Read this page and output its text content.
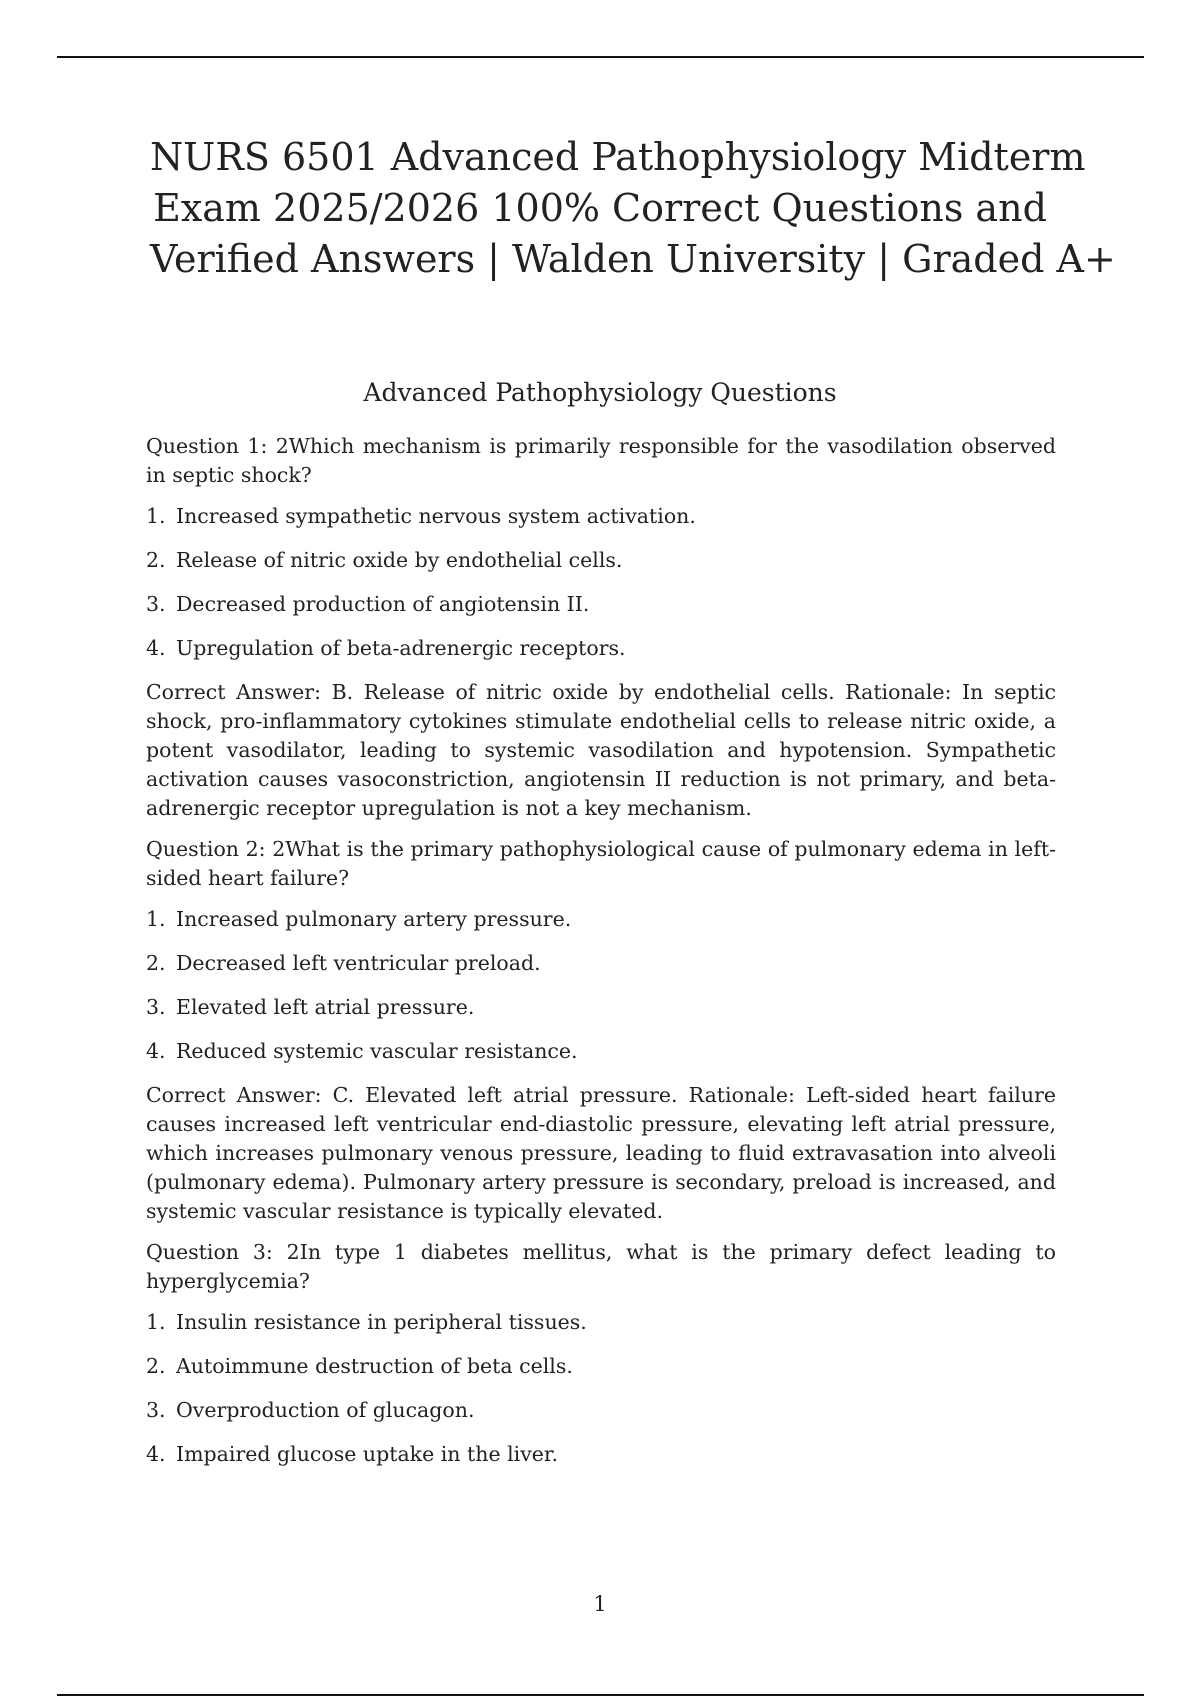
NURS 6501 Advanced Pathophysiology Midterm
Exam 2025/2026 100% Correct Questions and
Verified Answers | Walden University | Graded A+
Advanced Pathophysiology Questions

Question 1: 2Which mechanism is primarily responsible for the vasodilation observed in septic shock?

1. Increased sympathetic nervous system activation.
2. Release of nitric oxide by endothelial cells.
3. Decreased production of angiotensin II.
4. Upregulation of beta-adrenergic receptors.

Correct Answer: B. Release of nitric oxide by endothelial cells. Rationale: In septic shock, pro-inflammatory cytokines stimulate endothelial cells to release nitric oxide, a potent vasodilator, leading to systemic vasodilation and hypotension. Sympathetic activation causes vasoconstriction, angiotensin II reduction is not primary, and beta-adrenergic receptor upregulation is not a key mechanism.

Question 2: 2What is the primary pathophysiological cause of pulmonary edema in left-sided heart failure?

1. Increased pulmonary artery pressure.
2. Decreased left ventricular preload.
3. Elevated left atrial pressure.
4. Reduced systemic vascular resistance.

Correct Answer: C. Elevated left atrial pressure. Rationale: Left-sided heart failure causes increased left ventricular end-diastolic pressure, elevating left atrial pressure, which increases pulmonary venous pressure, leading to fluid extravasation into alveoli (pulmonary edema). Pulmonary artery pressure is secondary, preload is increased, and systemic vascular resistance is typically elevated.

Question 3: 2In type 1 diabetes mellitus, what is the primary defect leading to hyperglycemia?

1. Insulin resistance in peripheral tissues.
2. Autoimmune destruction of beta cells.
3. Overproduction of glucagon.
4. Impaired glucose uptake in the liver.
1
